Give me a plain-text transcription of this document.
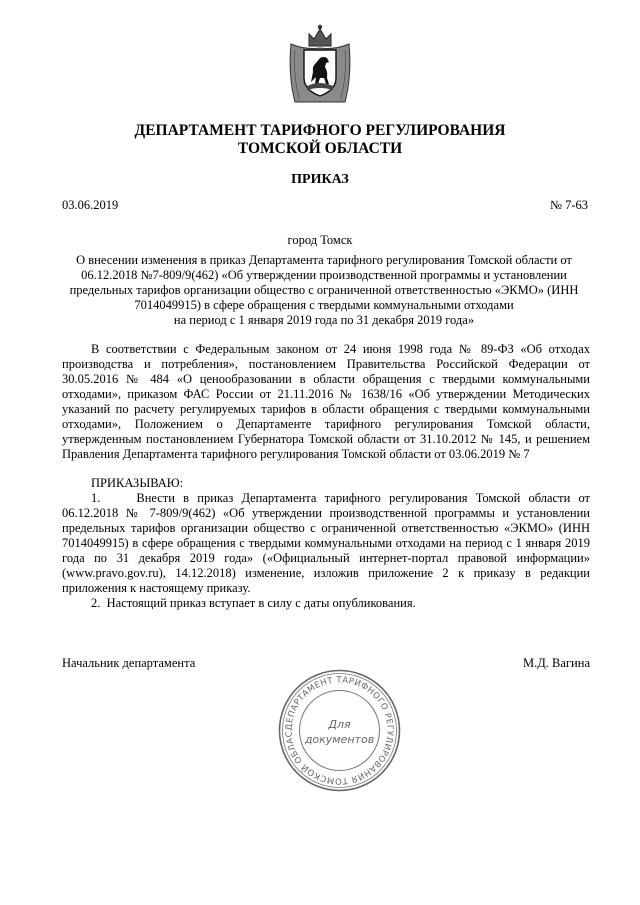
ДЕПАРТАМЕНТ ТАРИФНОГО РЕГУЛИРОВАНИЯ
ТОМСКОЙ ОБЛАСТИ
ПРИКАЗ
03.06.2019	№ 7-63
город Томск
О внесении изменения в приказ Департамента тарифного регулирования Томской области от
06.12.2018 №7-809/9(462) «Об утверждении производственной программы и установлении
предельных тарифов организации общество с ограниченной ответственностью «ЭКМО» (ИНН
7014049915) в сфере обращения с твердыми коммунальными отходами
на период с 1 января 2019 года по 31 декабря 2019 года»
В соответствии с Федеральным законом от 24 июня 1998 года № 89-ФЗ «Об отходах производства и потребления», постановлением Правительства Российской Федерации от 30.05.2016 № 484 «О ценообразовании в области обращения с твердыми коммунальными отходами», приказом ФАС России от 21.11.2016 № 1638/16 «Об утверждении Методических указаний по расчету регулируемых тарифов в области обращения с твердыми коммунальными отходами», Положением о Департаменте тарифного регулирования Томской области, утвержденным постановлением Губернатора Томской области от 31.10.2012 № 145, и решением Правления Департамента тарифного регулирования Томской области от 03.06.2019 № 7
ПРИКАЗЫВАЮ:
1.	Внести в приказ Департамента тарифного регулирования Томской области от 06.12.2018 № 7-809/9(462) «Об утверждении производственной программы и установлении предельных тарифов организации общество с ограниченной ответственностью «ЭКМО» (ИНН 7014049915) в сфере обращения с твердыми коммунальными отходами на период с 1 января 2019 года по 31 декабря 2019 года» («Официальный интернет-портал правовой информации» (www.pravo.gov.ru), 14.12.2018) изменение, изложив приложение 2 к приказу в редакции приложения к настоящему приказу.
2. Настоящий приказ вступает в силу с даты опубликования.
Начальник департамента	М.Д. Вагина
ДЕПАРТАМЕНТ ТАРИФНОГО РЕГУЛИРОВАНИЯ ТОМСКОЙ ОБЛАС
Для
документов
